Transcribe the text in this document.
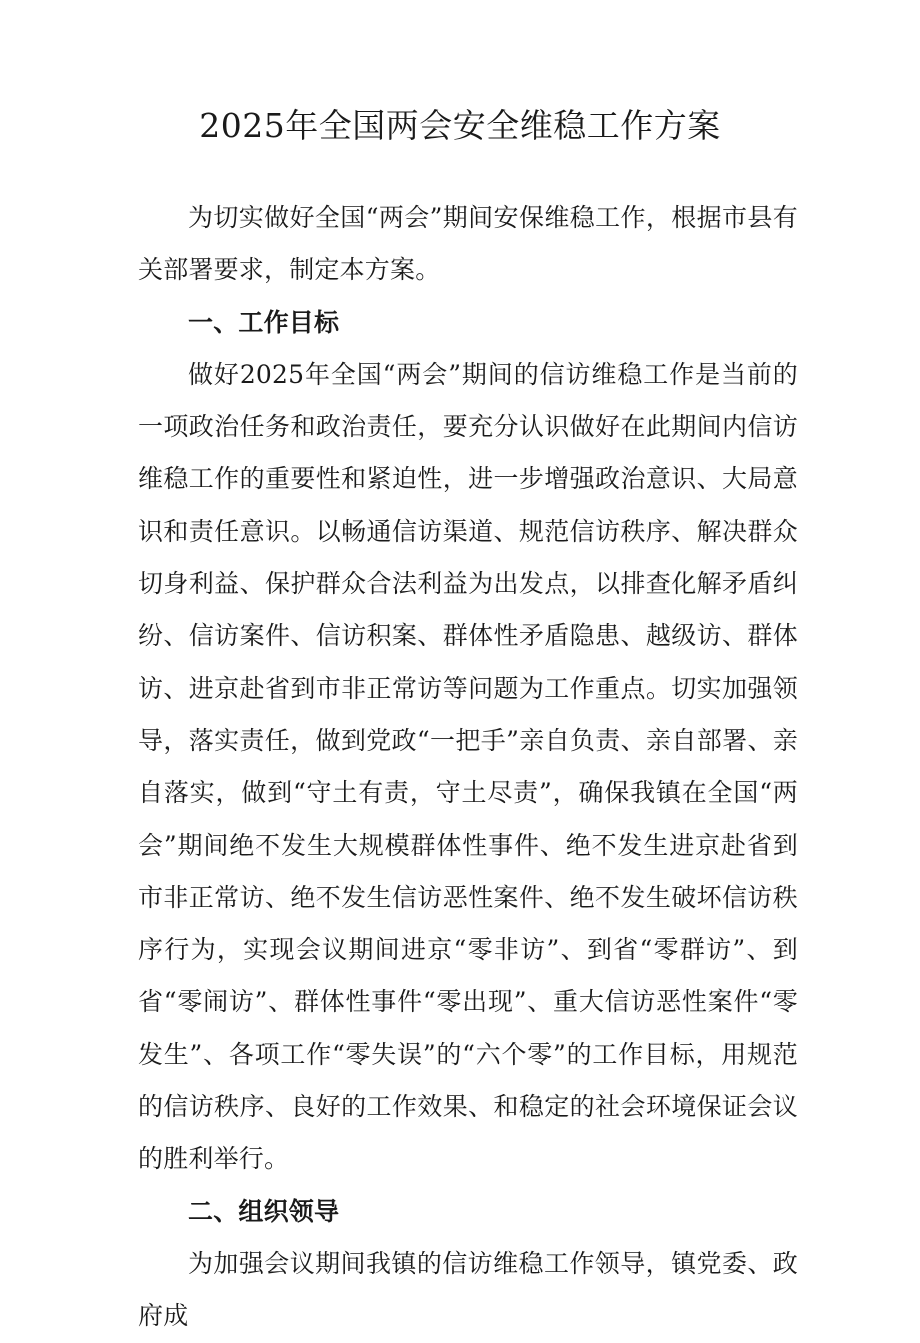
2025年全国两会安全维稳工作方案

为切实做好全国“两会”期间安保维稳工作，根据市县有关部署要求，制定本方案。

一、工作目标

做好2025年全国“两会”期间的信访维稳工作是当前的一项政治任务和政治责任，要充分认识做好在此期间内信访维稳工作的重要性和紧迫性，进一步增强政治意识、大局意识和责任意识。以畅通信访渠道、规范信访秩序、解决群众切身利益、保护群众合法利益为出发点，以排查化解矛盾纠纷、信访案件、信访积案、群体性矛盾隐患、越级访、群体访、进京赴省到市非正常访等问题为工作重点。切实加强领导，落实责任，做到党政“一把手”亲自负责、亲自部署、亲自落实，做到“守土有责，守土尽责”，确保我镇在全国“两会”期间绝不发生大规模群体性事件、绝不发生进京赴省到市非正常访、绝不发生信访恶性案件、绝不发生破坏信访秩序行为，实现会议期间进京“零非访”、到省“零群访”、到省“零闹访”、群体性事件“零出现”、重大信访恶性案件“零发生”、各项工作“零失误”的“六个零”的工作目标，用规范的信访秩序、良好的工作效果、和稳定的社会环境保证会议的胜利举行。

二、组织领导

为加强会议期间我镇的信访维稳工作领导，镇党委、政府成
